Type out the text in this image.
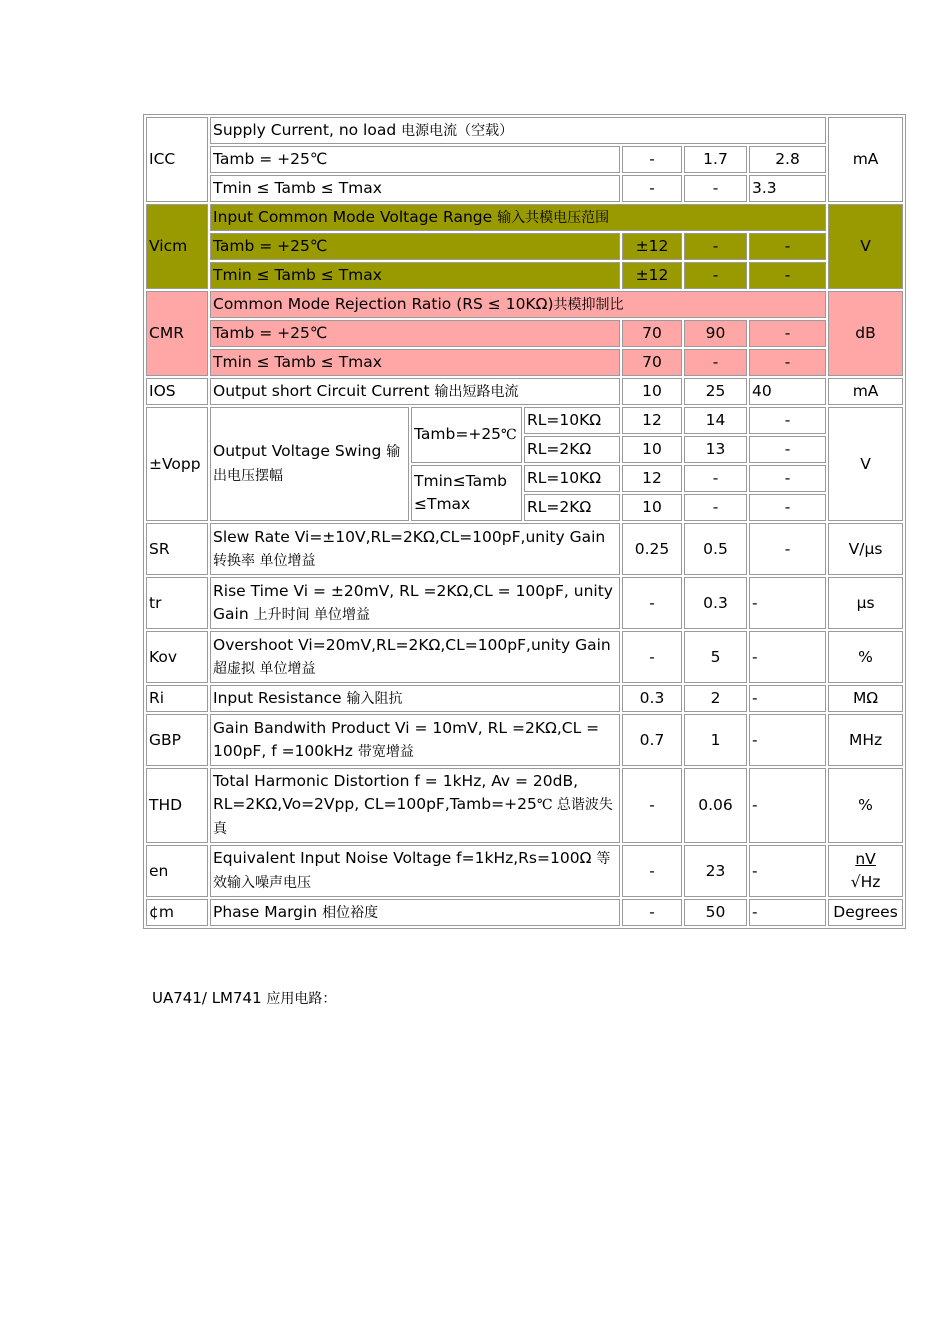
ICC	Supply Current, no load 电源电流（空载）						mA
	Tamb = +25℃			-	1.7	2.8	
	Tmin ≤ Tamb ≤ Tmax			-	-	3.3	
Vicm	Input Common Mode Voltage Range 输入共模电压范围						V
	Tamb = +25℃			±12	-	-	
	Tmin ≤ Tamb ≤ Tmax			±12	-	-	
CMR	Common Mode Rejection Ratio (RS ≤ 10KΩ)共模抑制比						dB
	Tamb = +25℃			70	90	-	
	Tmin ≤ Tamb ≤ Tmax			70	-	-	
IOS	Output short Circuit Current 输出短路电流			10	25	40	mA
±Vopp	Output Voltage Swing 输出电压摆幅	Tamb=+25℃	RL=10KΩ	12	14	-	V
			RL=2KΩ	10	13	-	
		Tmin≤Tamb ≤Tmax	RL=10KΩ	12	-	-	
			RL=2KΩ	10	-	-	
SR	Slew Rate Vi=±10V,RL=2KΩ,CL=100pF,unity Gain 转换率 单位增益			0.25	0.5	-	V/μs
tr	Rise Time Vi = ±20mV, RL =2KΩ,CL = 100pF, unity Gain 上升时间 单位增益			-	0.3	-	μs
Kov	Overshoot Vi=20mV,RL=2KΩ,CL=100pF,unity Gain 超虚拟 单位增益			-	5	-	%
Ri	Input Resistance 输入阻抗			0.3	2	-	MΩ
GBP	Gain Bandwith Product Vi = 10mV, RL =2KΩ,CL = 100pF, f =100kHz 带宽增益			0.7	1	-	MHz
THD	Total Harmonic Distortion f = 1kHz, Av = 20dB, RL=2KΩ,Vo=2Vpp, CL=100pF,Tamb=+25℃ 总谐波失真			-	0.06	-	%
en	Equivalent Input Noise Voltage f=1kHz,Rs=100Ω 等效输入噪声电压			-	23	-	$\frac{nV}{√Hz}$

¢m	Phase Margin 相位裕度			-	50	-	Degrees
UA741/ LM741 应用电路：
